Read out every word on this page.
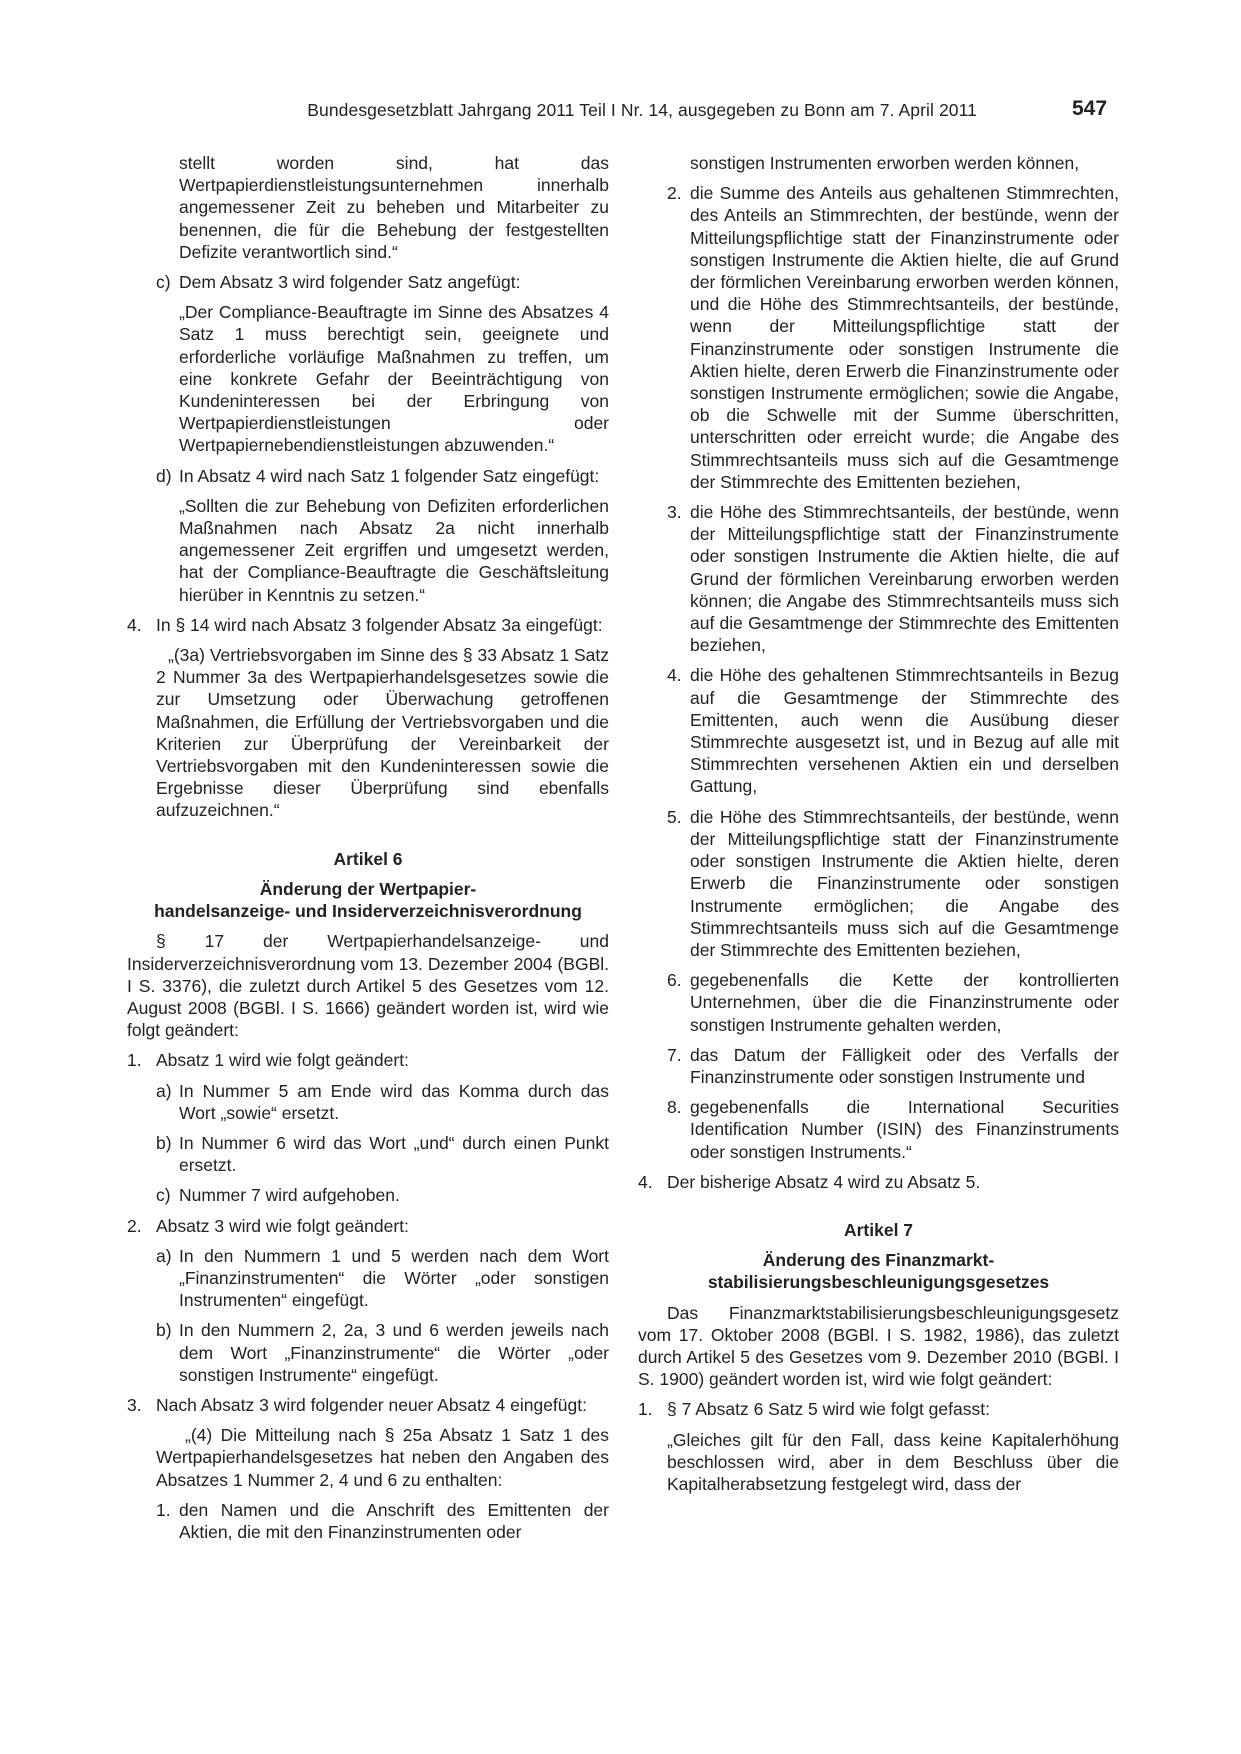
Bundesgesetzblatt Jahrgang 2011 Teil I Nr. 14, ausgegeben zu Bonn am 7. April 2011	547
stellt worden sind, hat das Wertpapierdienstleistungsunternehmen innerhalb angemessener Zeit zu beheben und Mitarbeiter zu benennen, die für die Behebung der festgestellten Defizite verantwortlich sind.“
c) Dem Absatz 3 wird folgender Satz angefügt:
„Der Compliance-Beauftragte im Sinne des Absatzes 4 Satz 1 muss berechtigt sein, geeignete und erforderliche vorläufige Maßnahmen zu treffen, um eine konkrete Gefahr der Beeinträchtigung von Kundeninteressen bei der Erbringung von Wertpapierdienstleistungen oder Wertpapiernebendienstleistungen abzuwenden.“
d) In Absatz 4 wird nach Satz 1 folgender Satz eingefügt:
„Sollten die zur Behebung von Defiziten erforderlichen Maßnahmen nach Absatz 2a nicht innerhalb angemessener Zeit ergriffen und umgesetzt werden, hat der Compliance-Beauftragte die Geschäftsleitung hierüber in Kenntnis zu setzen.“
4. In § 14 wird nach Absatz 3 folgender Absatz 3a eingefügt:
„(3a) Vertriebsvorgaben im Sinne des § 33 Absatz 1 Satz 2 Nummer 3a des Wertpapierhandelsgesetzes sowie die zur Umsetzung oder Überwachung getroffenen Maßnahmen, die Erfüllung der Vertriebsvorgaben und die Kriterien zur Überprüfung der Vereinbarkeit der Vertriebsvorgaben mit den Kundeninteressen sowie die Ergebnisse dieser Überprüfung sind ebenfalls aufzuzeichnen.“
Artikel 6
Änderung der Wertpapier-
handelsanzeige- und Insiderverzeichnisverordnung
§ 17 der Wertpapierhandelsanzeige- und Insiderverzeichnisverordnung vom 13. Dezember 2004 (BGBl. I S. 3376), die zuletzt durch Artikel 5 des Gesetzes vom 12. August 2008 (BGBl. I S. 1666) geändert worden ist, wird wie folgt geändert:
1. Absatz 1 wird wie folgt geändert:
a) In Nummer 5 am Ende wird das Komma durch das Wort „sowie“ ersetzt.
b) In Nummer 6 wird das Wort „und“ durch einen Punkt ersetzt.
c) Nummer 7 wird aufgehoben.
2. Absatz 3 wird wie folgt geändert:
a) In den Nummern 1 und 5 werden nach dem Wort „Finanzinstrumenten“ die Wörter „oder sonstigen Instrumenten“ eingefügt.
b) In den Nummern 2, 2a, 3 und 6 werden jeweils nach dem Wort „Finanzinstrumente“ die Wörter „oder sonstigen Instrumente“ eingefügt.
3. Nach Absatz 3 wird folgender neuer Absatz 4 eingefügt:
„(4) Die Mitteilung nach § 25a Absatz 1 Satz 1 des Wertpapierhandelsgesetzes hat neben den Angaben des Absatzes 1 Nummer 2, 4 und 6 zu enthalten:
1. den Namen und die Anschrift des Emittenten der Aktien, die mit den Finanzinstrumenten oder
sonstigen Instrumenten erworben werden können,
2. die Summe des Anteils aus gehaltenen Stimmrechten, des Anteils an Stimmrechten, der bestünde, wenn der Mitteilungspflichtige statt der Finanzinstrumente oder sonstigen Instrumente die Aktien hielte, die auf Grund der förmlichen Vereinbarung erworben werden können, und die Höhe des Stimmrechtsanteils, der bestünde, wenn der Mitteilungspflichtige statt der Finanzinstrumente oder sonstigen Instrumente die Aktien hielte, deren Erwerb die Finanzinstrumente oder sonstigen Instrumente ermöglichen; sowie die Angabe, ob die Schwelle mit der Summe überschritten, unterschritten oder erreicht wurde; die Angabe des Stimmrechtsanteils muss sich auf die Gesamtmenge der Stimmrechte des Emittenten beziehen,
3. die Höhe des Stimmrechtsanteils, der bestünde, wenn der Mitteilungspflichtige statt der Finanzinstrumente oder sonstigen Instrumente die Aktien hielte, die auf Grund der förmlichen Vereinbarung erworben werden können; die Angabe des Stimmrechtsanteils muss sich auf die Gesamtmenge der Stimmrechte des Emittenten beziehen,
4. die Höhe des gehaltenen Stimmrechtsanteils in Bezug auf die Gesamtmenge der Stimmrechte des Emittenten, auch wenn die Ausübung dieser Stimmrechte ausgesetzt ist, und in Bezug auf alle mit Stimmrechten versehenen Aktien ein und derselben Gattung,
5. die Höhe des Stimmrechtsanteils, der bestünde, wenn der Mitteilungspflichtige statt der Finanzinstrumente oder sonstigen Instrumente die Aktien hielte, deren Erwerb die Finanzinstrumente oder sonstigen Instrumente ermöglichen; die Angabe des Stimmrechtsanteils muss sich auf die Gesamtmenge der Stimmrechte des Emittenten beziehen,
6. gegebenenfalls die Kette der kontrollierten Unternehmen, über die die Finanzinstrumente oder sonstigen Instrumente gehalten werden,
7. das Datum der Fälligkeit oder des Verfalls der Finanzinstrumente oder sonstigen Instrumente und
8. gegebenenfalls die International Securities Identification Number (ISIN) des Finanzinstruments oder sonstigen Instruments.“
4. Der bisherige Absatz 4 wird zu Absatz 5.
Artikel 7
Änderung des Finanzmarkt-
stabilisierungsbeschleunigungsgesetzes
Das Finanzmarktstabilisierungsbeschleunigungsgesetz vom 17. Oktober 2008 (BGBl. I S. 1982, 1986), das zuletzt durch Artikel 5 des Gesetzes vom 9. Dezember 2010 (BGBl. I S. 1900) geändert worden ist, wird wie folgt geändert:
1. § 7 Absatz 6 Satz 5 wird wie folgt gefasst:
„Gleiches gilt für den Fall, dass keine Kapitalerhöhung beschlossen wird, aber in dem Beschluss über die Kapitalherabsetzung festgelegt wird, dass der
